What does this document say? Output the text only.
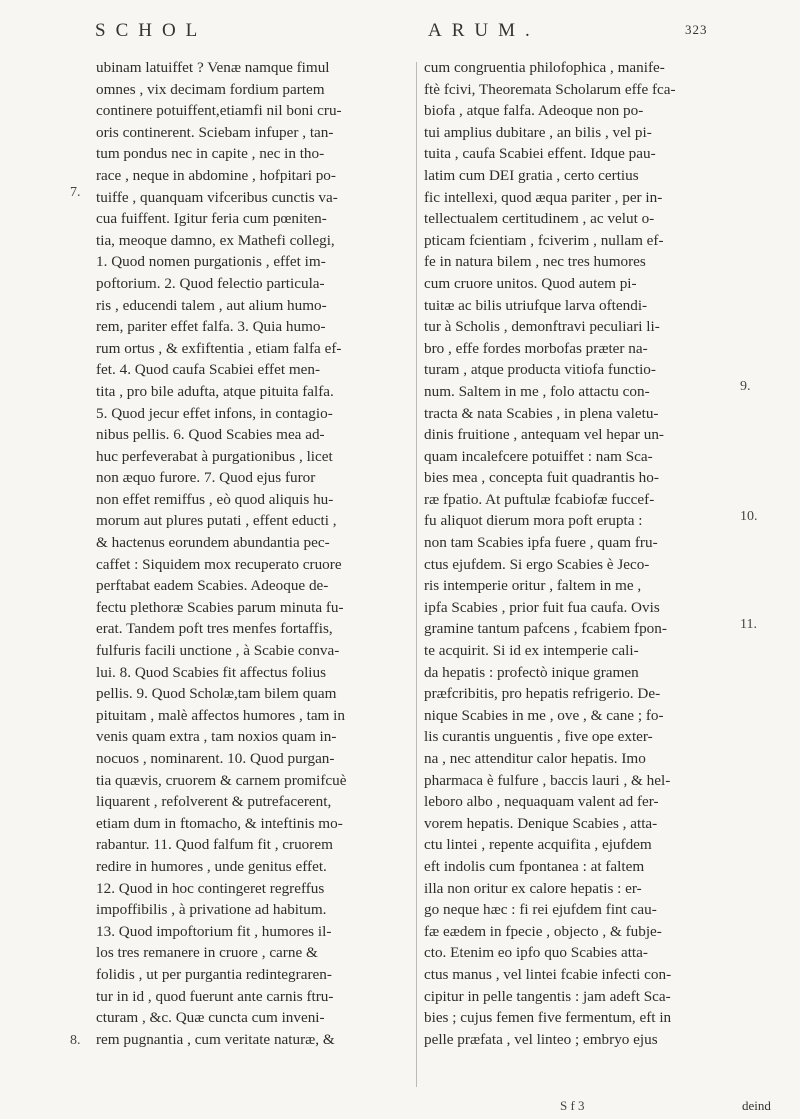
SCHOL	ARUM.	323
ubinam latuiffet ? Venæ namque fimul
omnes , vix decimam fordium partem
continere potuiffent,etiamfi nil boni cru-
oris continerent. Sciebam infuper , tan-
tum pondus nec in capite , nec in tho-
race , neque in abdomine , hofpitari po-
tuiffe , quanquam vifceribus cunctis va-
cua fuiffent. Igitur feria cum pœniten-
tia, meoque damno, ex Mathefi collegi,
1. Quod nomen purgationis , effet im-
poftorium. 2. Quod felectio particula-
ris , educendi talem , aut alium humo-
rem, pariter effet falfa. 3. Quia humo-
rum ortus , & exfiftentia , etiam falfa ef-
fet. 4. Quod caufa Scabiei effet men-
tita , pro bile adufta, atque pituita falfa.
5. Quod jecur effet infons, in contagio-
nibus pellis. 6. Quod Scabies mea ad-
huc perfeverabat à purgationibus , licet
non æquo furore. 7. Quod ejus furor
non effet remiffus , eò quod aliquis hu-
morum aut plures putati , effent educti ,
& hactenus eorundem abundantia pec-
caffet : Siquidem mox recuperato cruore
perftabat eadem Scabies. Adeoque de-
fectu plethoræ Scabies parum minuta fu-
erat. Tandem poft tres menfes fortaffis,
fulfuris facili unctione , à Scabie conva-
lui. 8. Quod Scabies fit affectus folius
pellis. 9. Quod Scholæ,tam bilem quam
pituitam , malè affectos humores , tam in
venis quam extra , tam noxios quam in-
nocuos , nominarent. 10. Quod purgan-
tia quævis, cruorem & carnem promifcuè
liquarent , refolverent & putrefacerent,
etiam dum in ftomacho, & inteftinis mo-
rabantur. 11. Quod falfum fit , cruorem
redire in humores , unde genitus effet.
12. Quod in hoc contingeret regreffus
impoffibilis , à privatione ad habitum.
13. Quod impoftorium fit , humores il-
los tres remanere in cruore , carne &
folidis , ut per purgantia redintegraren-
tur in id , quod fuerunt ante carnis ftru-
cturam , &c. Quæ cuncta cum inveni-
rem pugnantia , cum veritate naturæ, &
cum congruentia philofophica , manife-
ftè fcivi, Theoremata Scholarum effe fca-
biofa , atque falfa. Adeoque non po-
tui amplius dubitare , an bilis , vel pi-
tuita , caufa Scabiei effent. Idque pau-
latim cum DEI gratia , certo certius
fic intellexi, quod æqua pariter , per in-
tellectualem certitudinem , ac velut o-
pticam fcientiam , fciverim , nullam ef-
fe in natura bilem , nec tres humores
cum cruore unitos. Quod autem pi-
tuitæ ac bilis utriufque larva oftendi-
tur à Scholis , demonftravi peculiari li-
bro , effe fordes morbofas præter na-
turam , atque producta vitiofa functio-
num. Saltem in me , folo attactu con-
tracta & nata Scabies , in plena valetu-
dinis fruitione , antequam vel hepar un-
quam incalefcere potuiffet : nam Sca-
bies mea , concepta fuit quadrantis ho-
ræ fpatio. At puftulæ fcabiofæ fuccef-
fu aliquot dierum mora poft erupta :
non tam Scabies ipfa fuere , quam fru-
ctus ejufdem. Si ergo Scabies è Jeco-
ris intemperie oritur , faltem in me ,
ipfa Scabies , prior fuit fua caufa. Ovis
gramine tantum pafcens , fcabiem fpon-
te acquirit. Si id ex intemperie cali-
da hepatis : profectò inique gramen
præfcribitis, pro hepatis refrigerio. De-
nique Scabies in me , ove , & cane ; fo-
lis curantis unguentis , five ope exter-
na , nec attenditur calor hepatis. Imo
pharmaca è fulfure , baccis lauri , & hel-
leboro albo , nequaquam valent ad fer-
vorem hepatis. Denique Scabies , atta-
ctu lintei , repente acquifita , ejufdem
eft indolis cum fpontanea : at faltem
illa non oritur ex calore hepatis : er-
go neque hæc : fi rei ejufdem fint cau-
fæ eædem in fpecie , objecto , & fubje-
cto. Etenim eo ipfo quo Scabies atta-
ctus manus , vel lintei fcabie infecti con-
cipitur in pelle tangentis : jam adeft Sca-
bies ; cujus femen five fermentum, eft in
pelle præfata , vel linteo ; embryo ejus
7.
8.
9.
10.
11.
S f 3	deind
